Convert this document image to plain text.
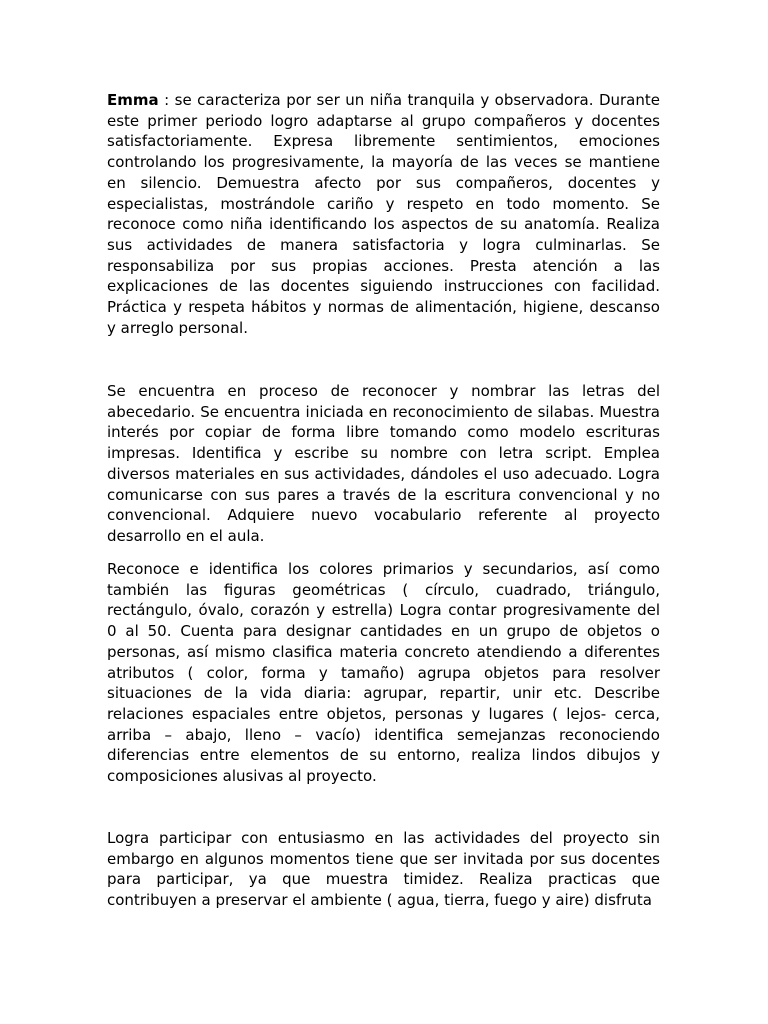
Emma : se caracteriza por ser un niña tranquila y observadora. Durante este primer periodo logro adaptarse al grupo compañeros y docentes satisfactoriamente. Expresa libremente sentimientos, emociones controlando los progresivamente, la mayoría de las veces se mantiene en silencio. Demuestra afecto por sus compañeros, docentes y especialistas, mostrándole cariño y respeto en todo momento. Se reconoce como niña identificando los aspectos de su anatomía. Realiza sus actividades de manera satisfactoria y logra culminarlas. Se responsabiliza por sus propias acciones. Presta atención a las explicaciones de las docentes siguiendo instrucciones con facilidad. Práctica y respeta hábitos y normas de alimentación, higiene, descanso y arreglo personal.

Se encuentra en proceso de reconocer y nombrar las letras del abecedario. Se encuentra iniciada en reconocimiento de silabas. Muestra interés por copiar de forma libre tomando como modelo escrituras impresas. Identifica y escribe su nombre con letra script. Emplea diversos materiales en sus actividades, dándoles el uso adecuado. Logra comunicarse con sus pares a través de la escritura convencional y no convencional. Adquiere nuevo vocabulario referente al proyecto desarrollo en el aula.

Reconoce e identifica los colores primarios y secundarios, así como también las figuras geométricas ( círculo, cuadrado, triángulo, rectángulo, óvalo, corazón y estrella) Logra contar progresivamente del 0 al 50. Cuenta para designar cantidades en un grupo de objetos o personas, así mismo clasifica materia concreto atendiendo a diferentes atributos ( color, forma y tamaño) agrupa objetos para resolver situaciones de la vida diaria: agrupar, repartir, unir etc. Describe relaciones espaciales entre objetos, personas y lugares ( lejos- cerca, arriba – abajo, lleno – vacío) identifica semejanzas reconociendo diferencias entre elementos de su entorno, realiza lindos dibujos y composiciones alusivas al proyecto.

Logra participar con entusiasmo en las actividades del proyecto sin embargo en algunos momentos tiene que ser invitada por sus docentes para participar, ya que muestra timidez. Realiza practicas que contribuyen a preservar el ambiente ( agua, tierra, fuego y aire) disfruta
